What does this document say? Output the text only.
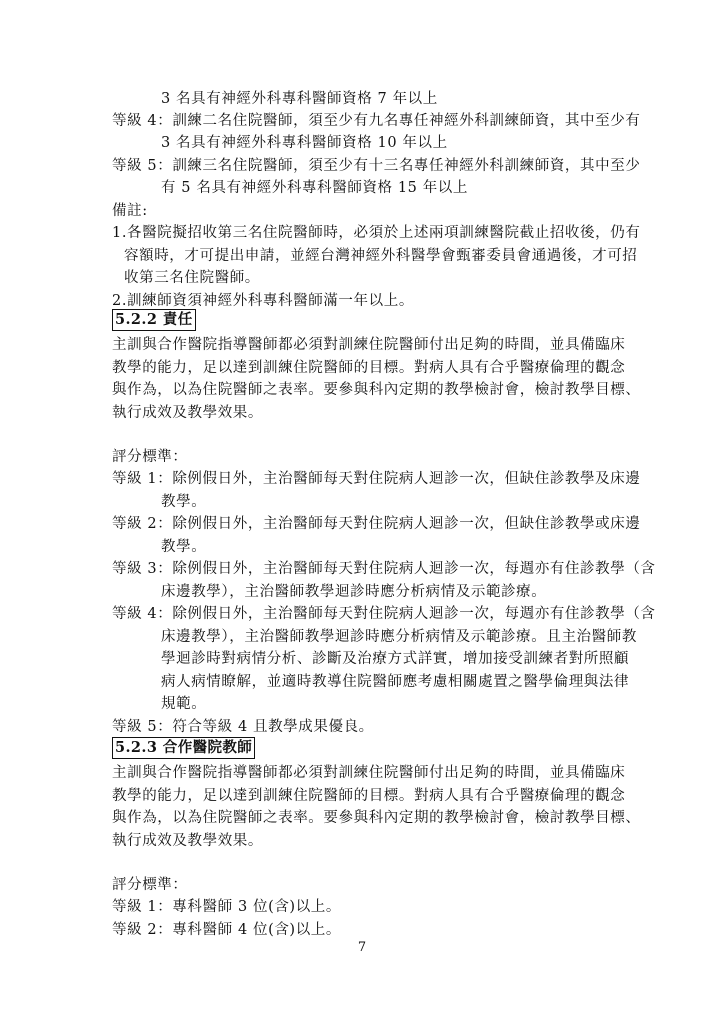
3 名具有神經外科專科醫師資格 7 年以上
等級 4：訓練二名住院醫師，須至少有九名專任神經外科訓練師資，其中至少有
3 名具有神經外科專科醫師資格 10 年以上
等級 5：訓練三名住院醫師，須至少有十三名專任神經外科訓練師資，其中至少
有 5 名具有神經外科專科醫師資格 15 年以上
備註:
1.各醫院擬招收第三名住院醫師時，必須於上述兩項訓練醫院截止招收後，仍有
容額時，才可提出申請，並經台灣神經外科醫學會甄審委員會通過後，才可招
收第三名住院醫師。
2.訓練師資須神經外科專科醫師滿一年以上。
5.2.2 責任
主訓與合作醫院指導醫師都必須對訓練住院醫師付出足夠的時間，並具備臨床
教學的能力，足以達到訓練住院醫師的目標。對病人具有合乎醫療倫理的觀念
與作為，以為住院醫師之表率。要參與科內定期的教學檢討會，檢討教學目標、
執行成效及教學效果。
評分標準：
等級 1：除例假日外，主治醫師每天對住院病人迴診一次，但缺住診教學及床邊
教學。
等級 2：除例假日外，主治醫師每天對住院病人迴診一次，但缺住診教學或床邊
教學。
等級 3：除例假日外，主治醫師每天對住院病人迴診一次，每週亦有住診教學（含
床邊教學），主治醫師教學迴診時應分析病情及示範診療。
等級 4：除例假日外，主治醫師每天對住院病人迴診一次，每週亦有住診教學（含
床邊教學），主治醫師教學迴診時應分析病情及示範診療。且主治醫師教
學迴診時對病情分析、診斷及治療方式詳實，增加接受訓練者對所照顧
病人病情瞭解，並適時教導住院醫師應考慮相關處置之醫學倫理與法律
規範。
等級 5：符合等級 4 且教學成果優良。
5.2.3 合作醫院教師
主訓與合作醫院指導醫師都必須對訓練住院醫師付出足夠的時間，並具備臨床
教學的能力，足以達到訓練住院醫師的目標。對病人具有合乎醫療倫理的觀念
與作為，以為住院醫師之表率。要參與科內定期的教學檢討會，檢討教學目標、
執行成效及教學效果。
評分標準：
等級 1：專科醫師 3 位(含)以上。
等級 2：專科醫師 4 位(含)以上。
7
